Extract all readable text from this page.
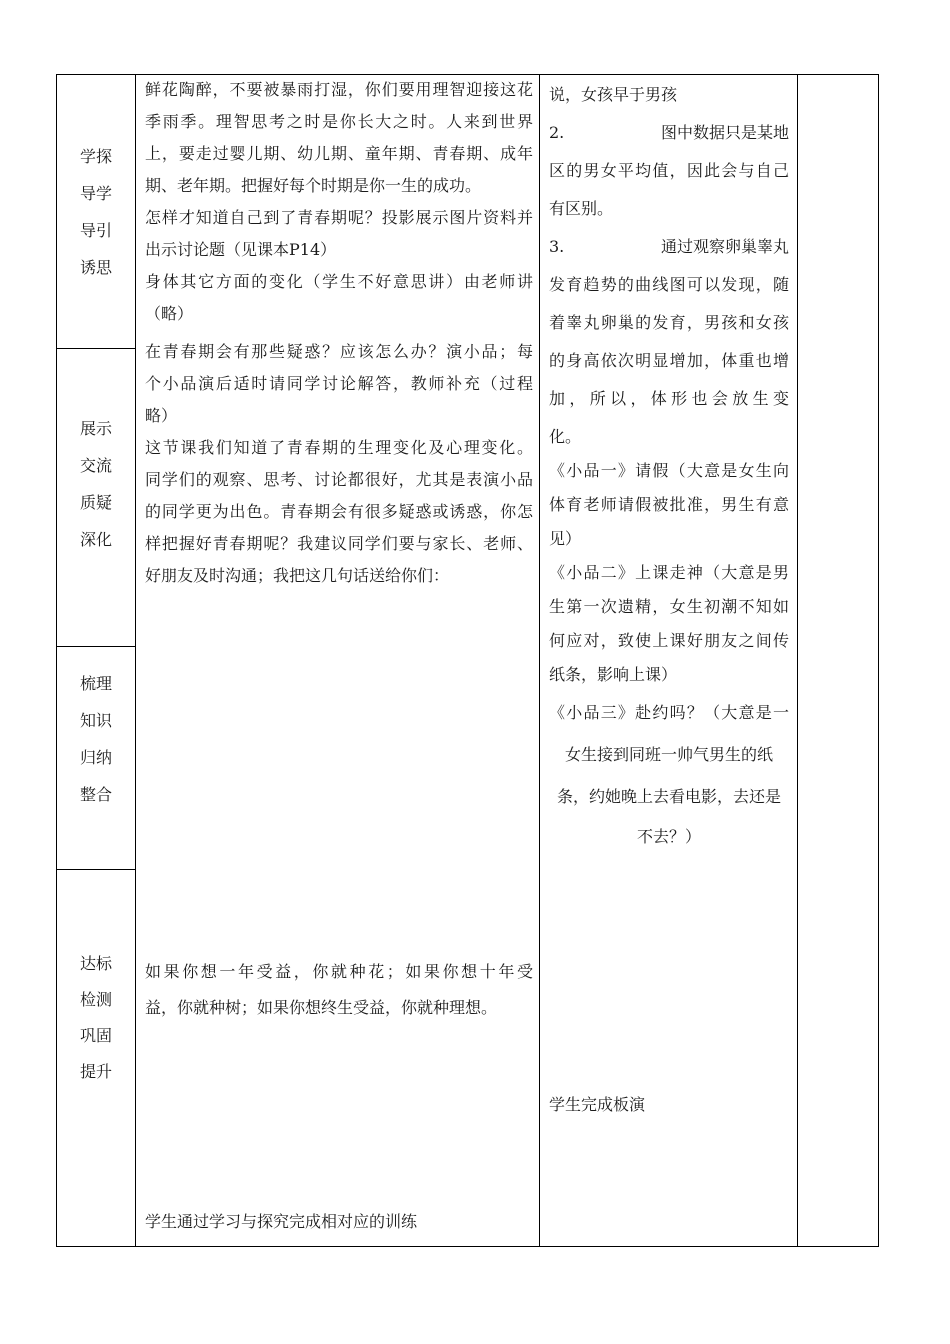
学探
导学
导引
诱思
展示
交流
质疑
深化
梳理
知识
归纳
整合
达标
检测
巩固
提升

鲜花陶醉，不要被暴雨打湿，你们要用理智迎接这花

季雨季。理智思考之时是你长大之时。人来到世界

上，要走过婴儿期、幼儿期、童年期、青春期、成年

期、老年期。把握好每个时期是你一生的成功。

怎样才知道自己到了青春期呢？投影展示图片资料并

出示讨论题（见课本P14）

身体其它方面的变化（学生不好意思讲）由老师讲

（略）

在青春期会有那些疑惑？应该怎么办？演小品；每

个小品演后适时请同学讨论解答，教师补充（过程

略）

这节课我们知道了青春期的生理变化及心理变化。

同学们的观察、思考、讨论都很好，尤其是表演小品

的同学更为出色。青春期会有很多疑惑或诱惑，你怎

样把握好青春期呢？我建议同学们要与家长、老师、

好朋友及时沟通；我把这几句话送给你们：

如果你想一年受益，你就种花；如果你想十年受

益，你就种树；如果你想终生受益，你就种理想。

学生通过学习与探究完成相对应的训练

说，女孩早于男孩

2.	图中数据只是某地

区的男女平均值，因此会与自己

有区别。

3.	通过观察卵巢睾丸

发育趋势的曲线图可以发现，随

着睾丸卵巢的发育，男孩和女孩

的身高依次明显增加，体重也增

加，所以，体形也会放生变

化。

《小品一》请假（大意是女生向

体育老师请假被批准，男生有意

见）

《小品二》上课走神（大意是男

生第一次遗精，女生初潮不知如

何应对，致使上课好朋友之间传

纸条，影响上课）

《小品三》赴约吗？（大意是一

女生接到同班一帅气男生的纸

条，约她晚上去看电影，去还是

不去？）

学生完成板演
